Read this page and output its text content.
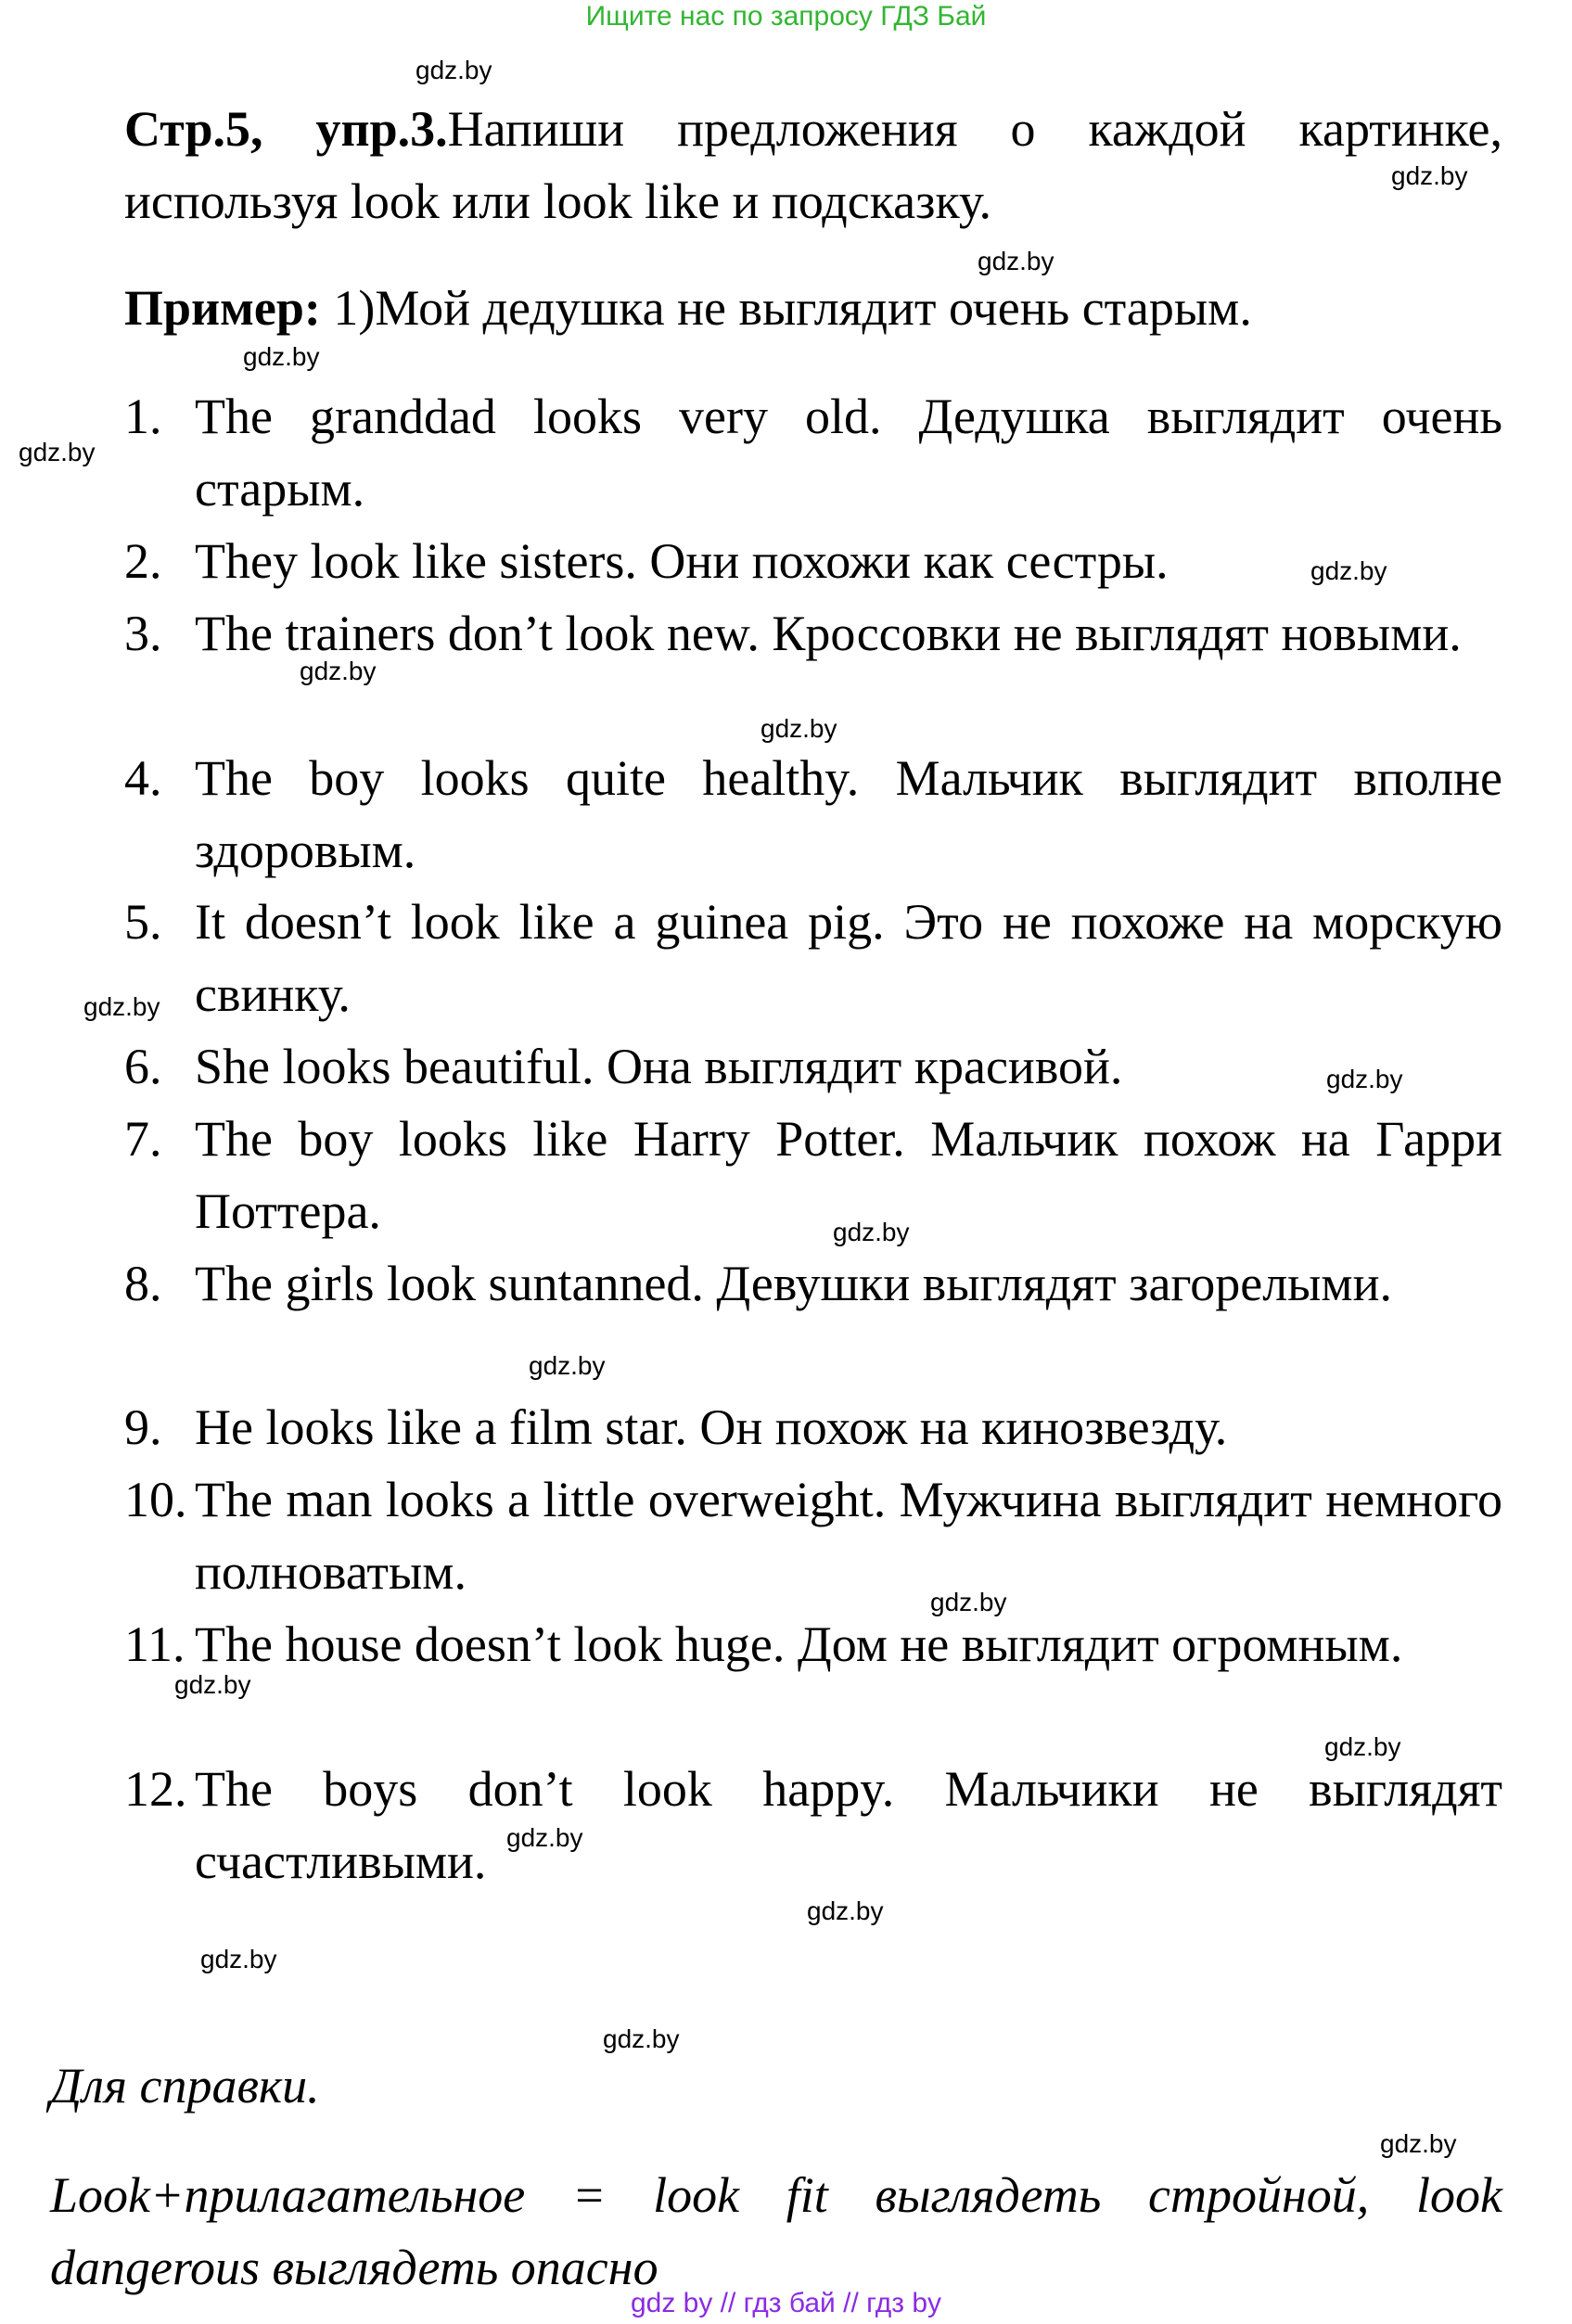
Ищите нас по запросу ГДЗ Бай
Стр.5, упр.3.Напиши предложения о каждой картинке, используя look или look like и подсказку.
Пример: 1)Мой дедушка не выглядит очень старым.
1. The granddad looks very old. Дедушка выглядит очень старым.
2. They look like sisters. Они похожи как сестры.
3. The trainers don’t look new. Кроссовки не выглядят новыми.
4. The boy looks quite healthy. Мальчик выглядит вполне здоровым.
5. It doesn’t look like a guinea pig. Это не похоже на морскую свинку.
6. She looks beautiful. Она выглядит красивой.
7. The boy looks like Harry Potter. Мальчик похож на Гарри Поттера.
8. The girls look suntanned. Девушки выглядят загорелыми.
9. He looks like a film star. Он похож на кинозвезду.
10. The man looks a little overweight. Мужчина выглядит немного полноватым.
11. The house doesn’t look huge. Дом не выглядит огромным.
12. The boys don’t look happy. Мальчики не выглядят счастливыми.
Для справки.
Look+прилагательное = look fit выглядеть стройной, look dangerous выглядеть опасно
gdz.by
gdz.by
gdz.by
gdz.by
gdz.by
gdz.by
gdz.by
gdz.by
gdz.by
gdz.by
gdz.by
gdz.by
gdz.by
gdz.by
gdz.by
gdz.by
gdz.by
gdz.by
gdz.by
gdz.by
gdz by // гдз бай // гдз by
